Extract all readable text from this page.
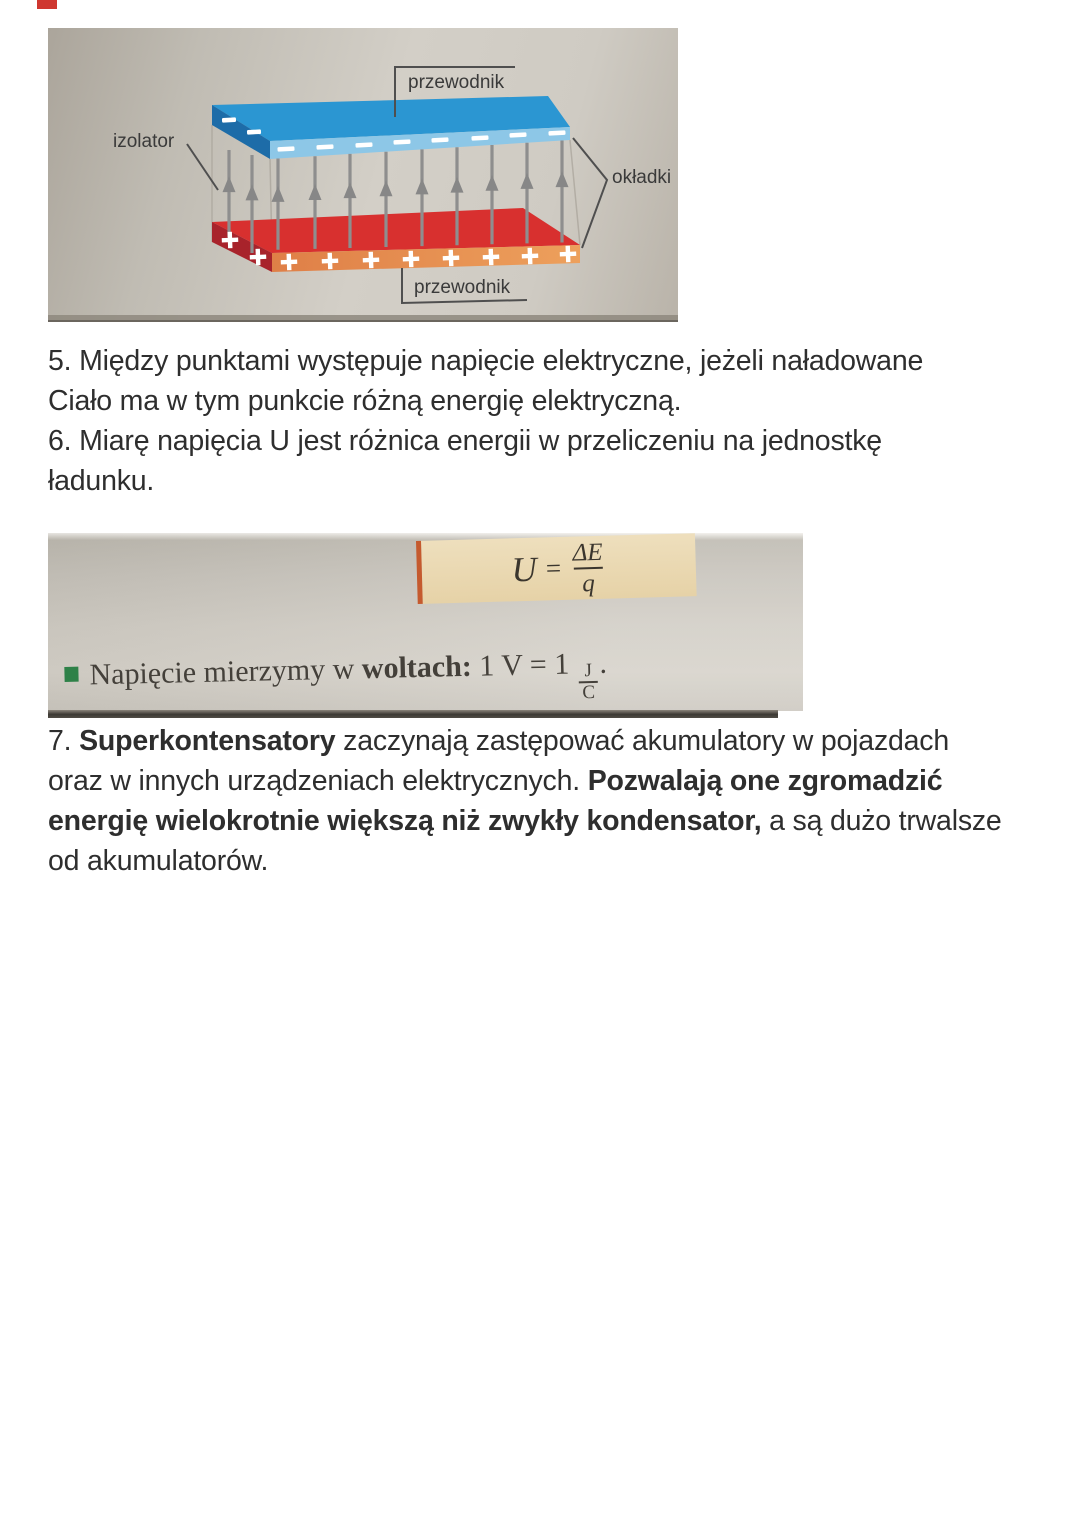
przewodnik
izolator
okładki
przewodnik
5. Między punktami występuje napięcie elektryczne, jeżeli naładowane
Ciało ma w tym punkcie różną energię elektryczną.
6. Miarę napięcia U jest różnica energii w przeliczeniu na jednostkę
ładunku.
$U = \frac{\Delta E}{q}$
Napięcie mierzymy w woltach: 1 $V = 1 \frac{J}{C}$ .
7. Superkontensatory zaczynają zastępować akumulatory w pojazdach
oraz w innych urządzeniach elektrycznych. Pozwalają one zgromadzić
energię wielokrotnie większą niż zwykły kondensator, a są dużo trwalsze
od akumulatorów.
